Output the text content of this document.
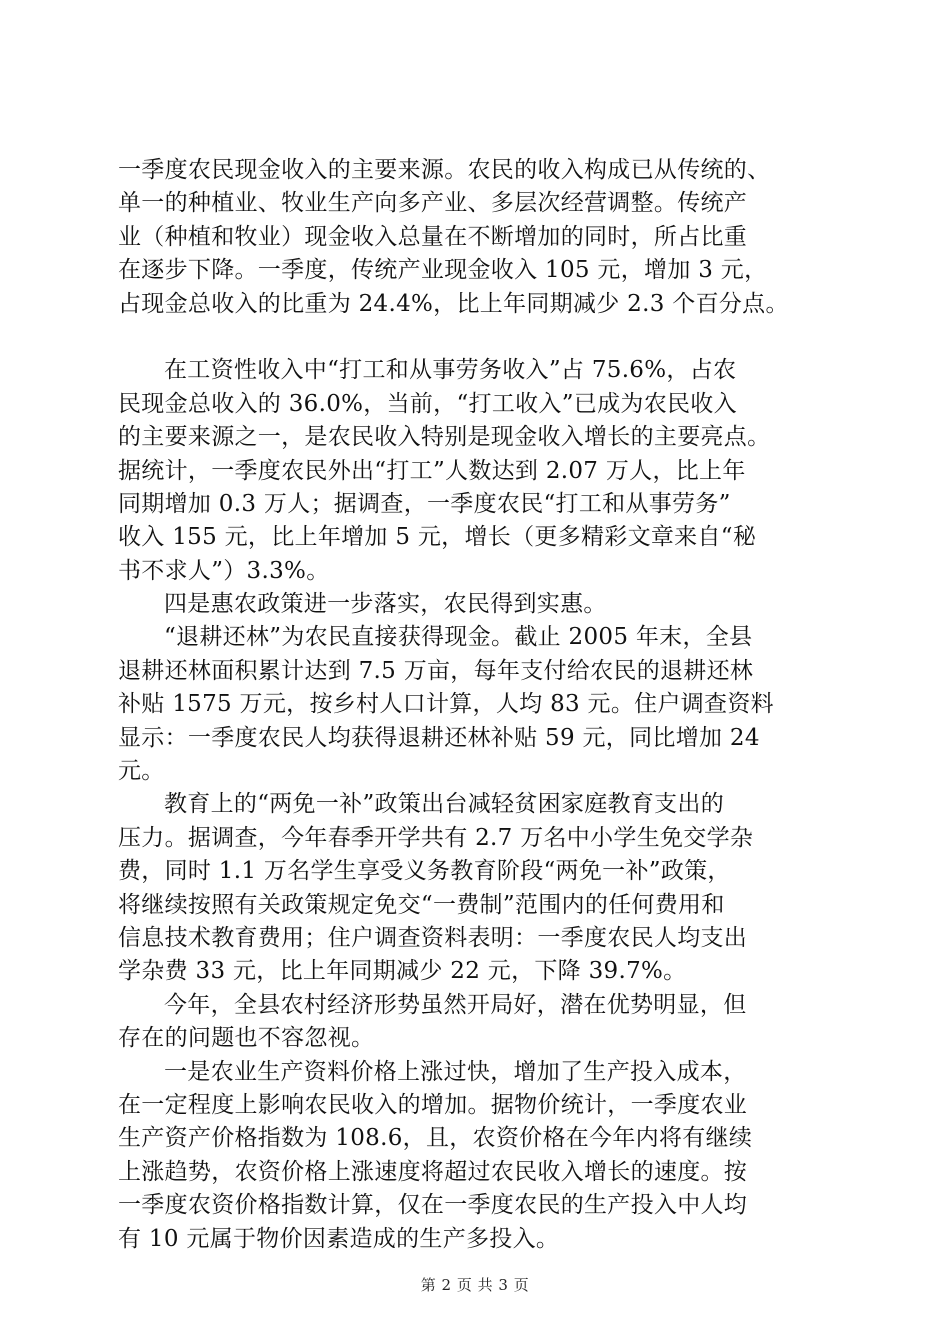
一季度农民现金收入的主要来源。农民的收入构成已从传统的、
单一的种植业、牧业生产向多产业、多层次经营调整。传统产
业（种植和牧业）现金收入总量在不断增加的同时，所占比重
在逐步下降。一季度，传统产业现金收入 105 元，增加 3 元，
占现金总收入的比重为 24.4%，比上年同期减少 2.3 个百分点。
在工资性收入中“打工和从事劳务收入”占 75.6%，占农
民现金总收入的 36.0%，当前，“打工收入”已成为农民收入
的主要来源之一，是农民收入特别是现金收入增长的主要亮点。
据统计，一季度农民外出“打工”人数达到 2.07 万人，比上年
同期增加 0.3 万人；据调查，一季度农民“打工和从事劳务”
收入 155 元，比上年增加 5 元，增长（更多精彩文章来自“秘
书不求人”）3.3%。
四是惠农政策进一步落实，农民得到实惠。
“退耕还林”为农民直接获得现金。截止 2005 年末，全县
退耕还林面积累计达到 7.5 万亩，每年支付给农民的退耕还林
补贴 1575 万元，按乡村人口计算，人均 83 元。住户调查资料
显示：一季度农民人均获得退耕还林补贴 59 元，同比增加 24
元。
教育上的“两免一补”政策出台减轻贫困家庭教育支出的
压力。据调查，今年春季开学共有 2.7 万名中小学生免交学杂
费，同时 1.1 万名学生享受义务教育阶段“两免一补”政策，
将继续按照有关政策规定免交“一费制”范围内的任何费用和
信息技术教育费用；住户调查资料表明：一季度农民人均支出
学杂费 33 元，比上年同期减少 22 元，下降 39.7%。
今年，全县农村经济形势虽然开局好，潜在优势明显，但
存在的问题也不容忽视。
一是农业生产资料价格上涨过快，增加了生产投入成本，
在一定程度上影响农民收入的增加。据物价统计，一季度农业
生产资产价格指数为 108.6，且，农资价格在今年内将有继续
上涨趋势，农资价格上涨速度将超过农民收入增长的速度。按
一季度农资价格指数计算，仅在一季度农民的生产投入中人均
有 10 元属于物价因素造成的生产多投入。
第 2 页 共 3 页
